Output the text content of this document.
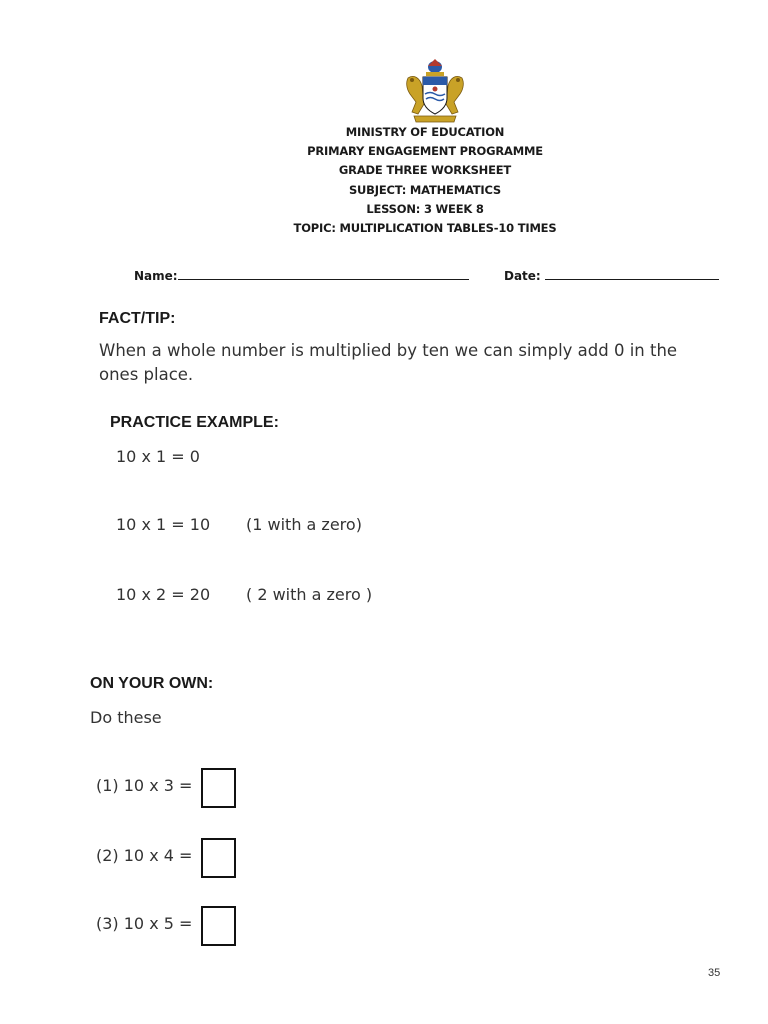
MINISTRY OF EDUCATION
PRIMARY ENGAGEMENT PROGRAMME
GRADE THREE WORKSHEET
SUBJECT: MATHEMATICS
LESSON: 3 WEEK 8
TOPIC: MULTIPLICATION TABLES-10 TIMES
Name:	Date:
FACT/TIP:
When a whole number is multiplied by ten we can simply add 0 in the ones place.
PRACTICE EXAMPLE:
10 x 1 = 0
10 x 1 = 10 (1 with a zero)
10 x 2 = 20 ( 2 with a zero )
ON YOUR OWN:
Do these
(1) 10 x 3 =
(2) 10 x 4 =
(3) 10 x 5 =
35
